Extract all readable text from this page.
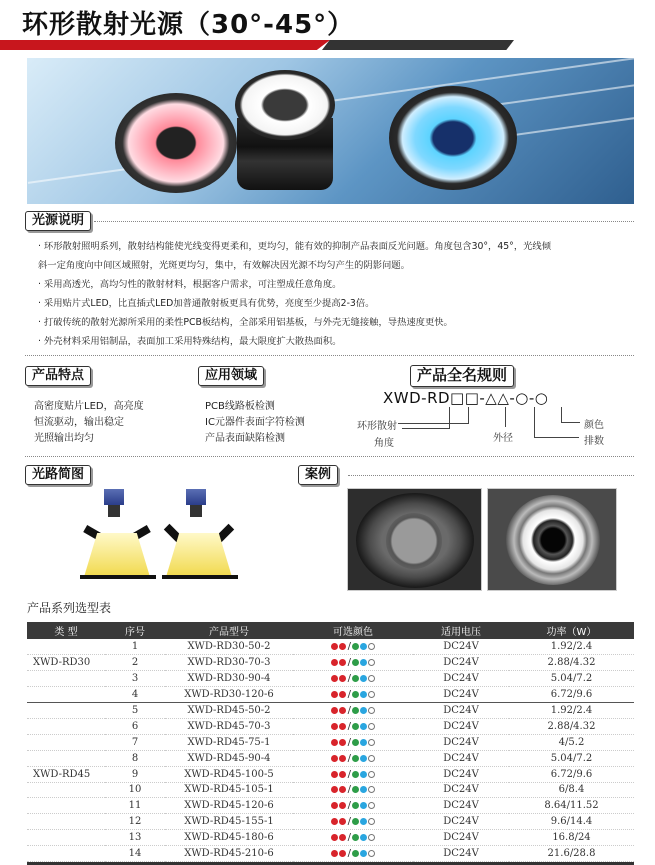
环形散射光源（30°-45°）
光源说明
· 环形散射照明系列，散射结构能使光线变得更柔和，更均匀，能有效的抑制产品表面反光问题。角度包含30°，45°，光线倾
斜一定角度向中间区域照射，光斑更均匀，集中，有效解决因光源不均匀产生的阴影问题。
· 采用高透光，高均匀性的散射材料，根据客户需求，可注塑成任意角度。
· 采用贴片式LED，比直插式LED加普通散射板更具有优势，亮度至少提高2-3倍。
· 打破传统的散射光源所采用的柔性PCB板结构，全部采用铝基板，与外壳无缝接触，导热速度更快。
· 外壳材料采用铝制品，表面加工采用特殊结构，最大限度扩大散热面积。
产品特点
高密度贴片LED，高亮度
恒流驱动，输出稳定
光照输出均匀
应用领域
PCB线路板检测
IC元器件表面字符检测
产品表面缺陷检测
产品全名规则
XWD-RD□□-△△-○-○
环形散射
角度	外径
颜色
排数
光路简图	案例
产品系列选型表
类 型	序号	产品型号	可选颜色	适用电压	功率（W）
	1	XWD-RD30-50-2	/	DC24V	1.92/2.4
XWD-RD30	2	XWD-RD30-70-3	/	DC24V	2.88/4.32
	3	XWD-RD30-90-4	/	DC24V	5.04/7.2
	4	XWD-RD30-120-6	/	DC24V	6.72/9.6
	5	XWD-RD45-50-2	/	DC24V	1.92/2.4
	6	XWD-RD45-70-3	/	DC24V	2.88/4.32
	7	XWD-RD45-75-1	/	DC24V	4/5.2
	8	XWD-RD45-90-4	/	DC24V	5.04/7.2
XWD-RD45	9	XWD-RD45-100-5	/	DC24V	6.72/9.6
	10	XWD-RD45-105-1	/	DC24V	6/8.4
	11	XWD-RD45-120-6	/	DC24V	8.64/11.52
	12	XWD-RD45-155-1	/	DC24V	9.6/14.4
	13	XWD-RD45-180-6	/	DC24V	16.8/24
	14	XWD-RD45-210-6	/	DC24V	21.6/28.8
